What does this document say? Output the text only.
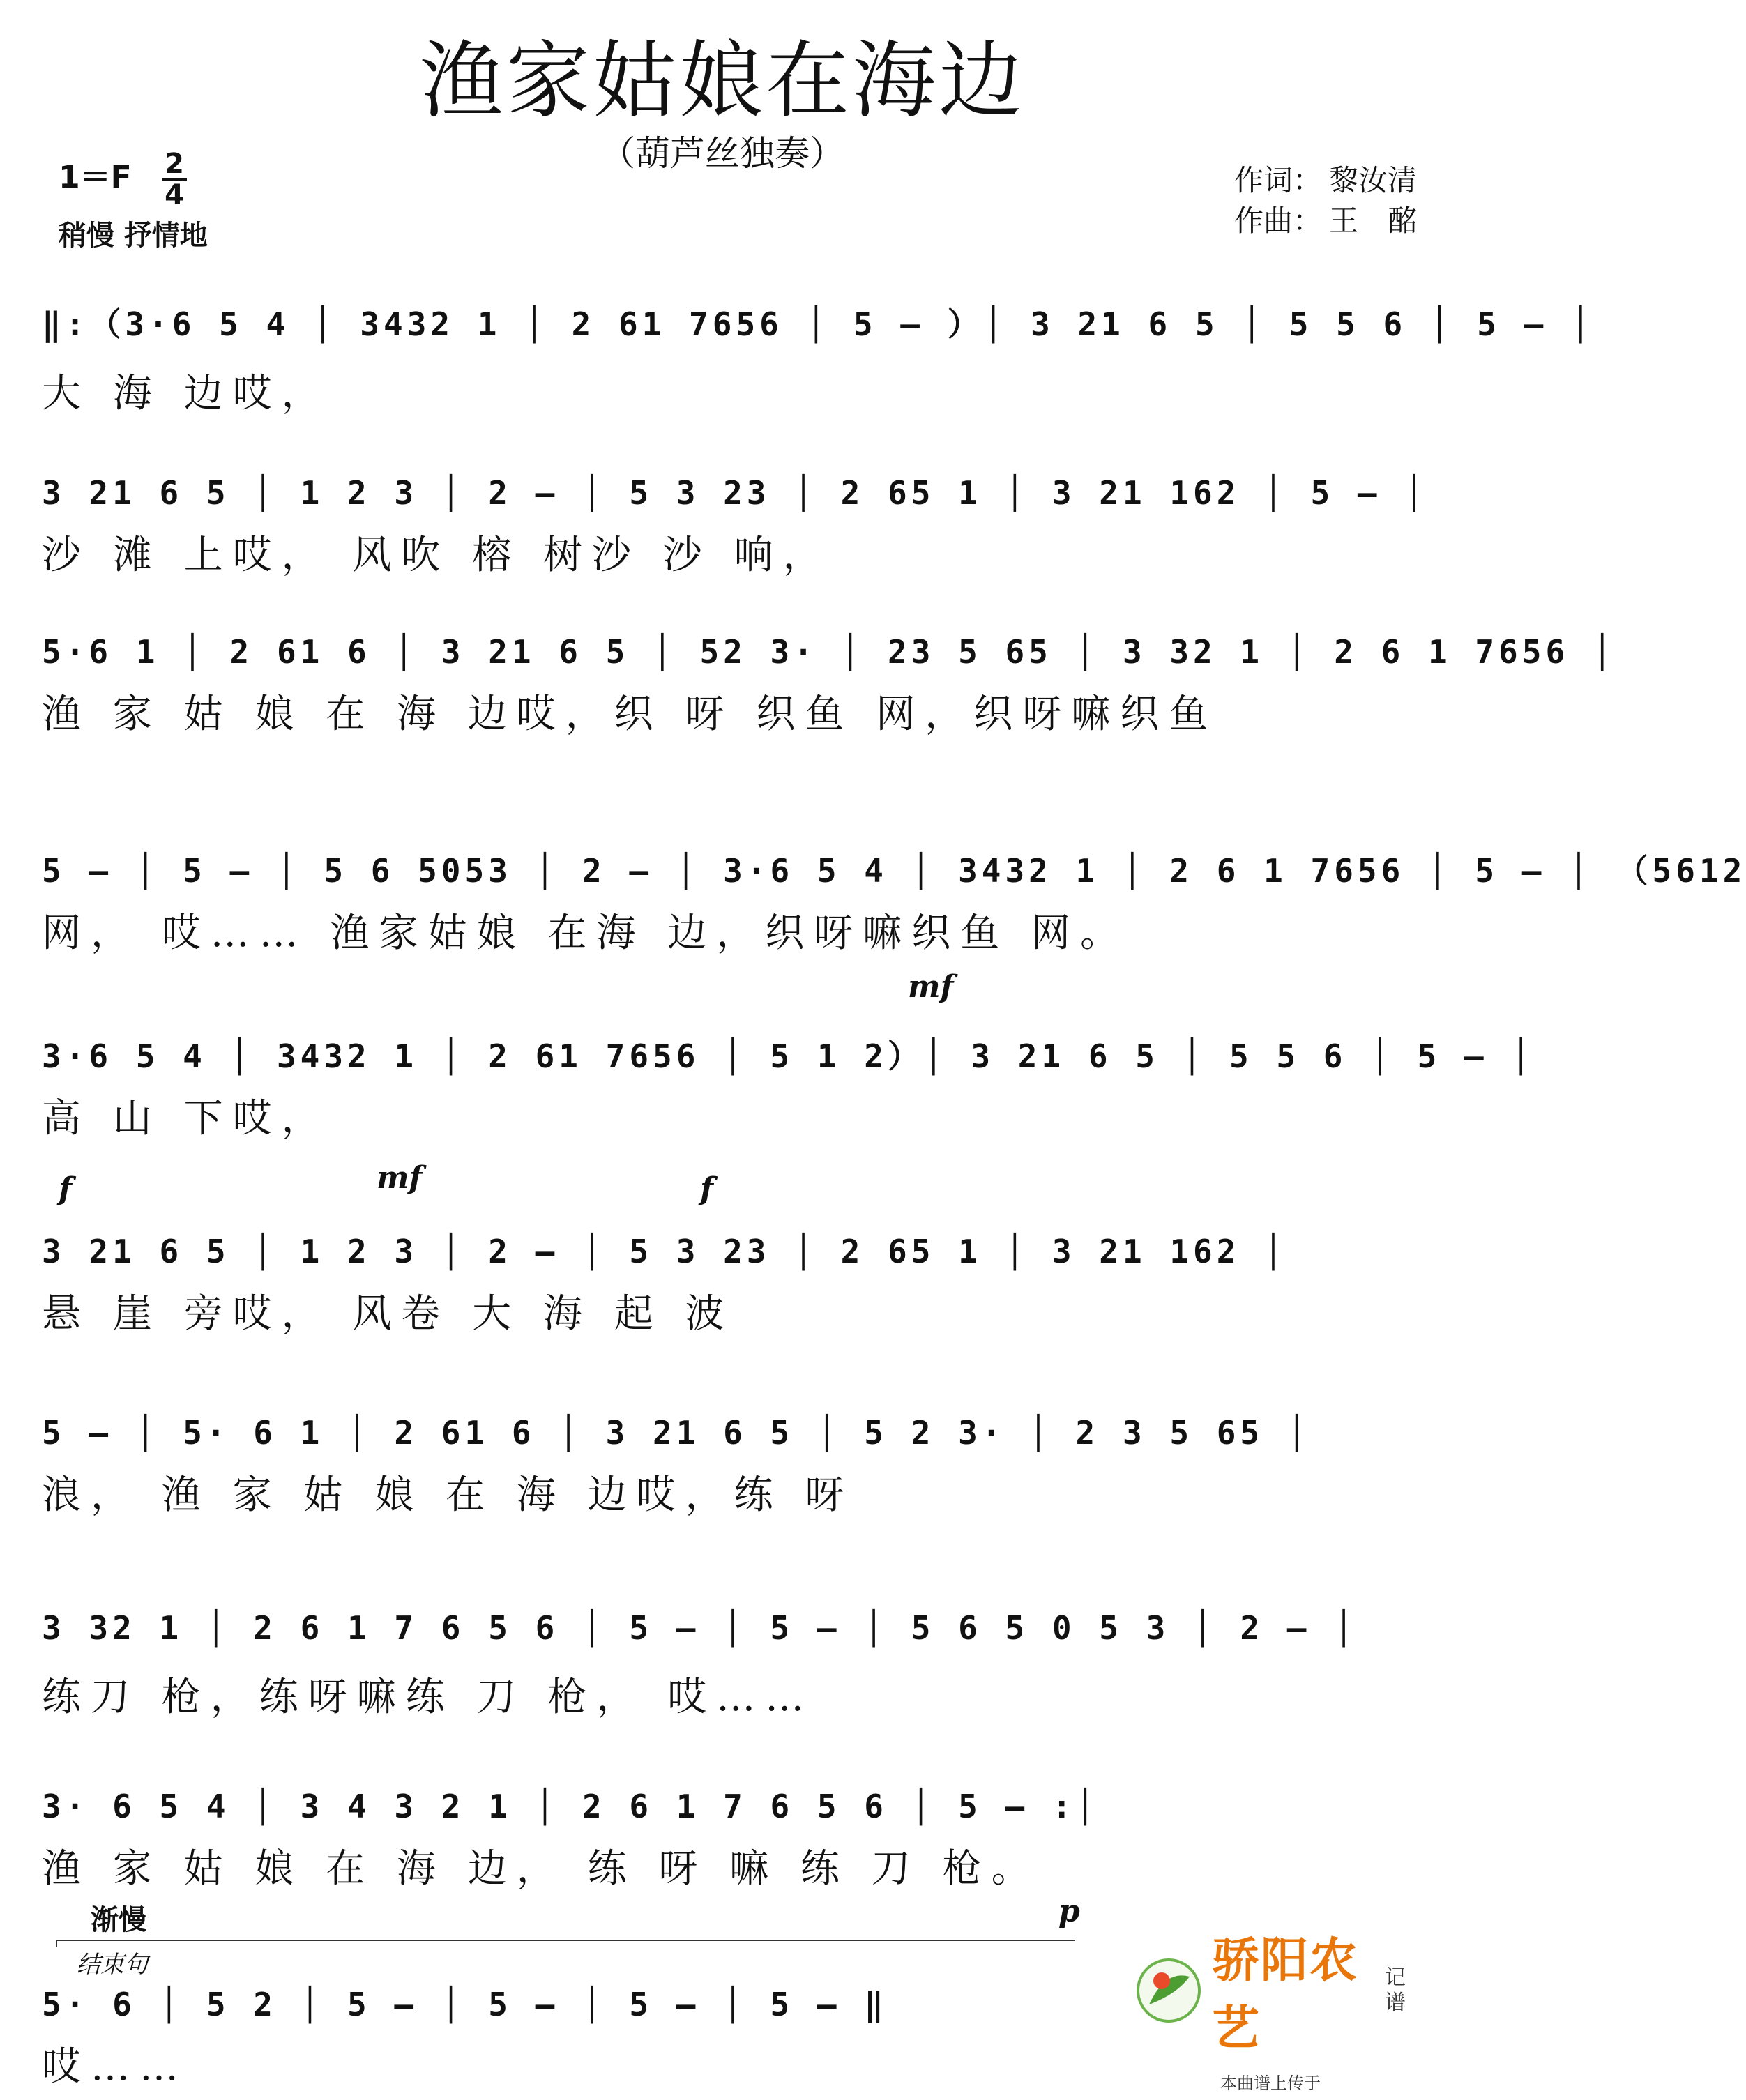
渔家姑娘在海边
（葫芦丝独奏）
1＝F 2
4
稍慢 抒情地
作词： 黎汝清
作曲： 王　酩
‖:（3·6 5 4 │ 3432 1 │ 2 61 7656 │ 5 – ）│ 3 21 6 5 │ 5 5 6 │ 5 – │
大 海 边哎，
3 21 6 5 │ 1 2 3 │ 2 – │ 5 3 23 │ 2 65 1 │ 3 21 162 │ 5 – │
沙 滩 上哎， 风吹 榕 树沙 沙 响，
5·6 1 │ 2 61 6 │ 3 21 6 5 │ 52 3· │ 23 5 65 │ 3 32 1 │ 2 6 1 7656 │
渔 家 姑 娘 在 海 边哎，织 呀 织鱼 网，织呀嘛织鱼
5 – │ 5 – │ 5 6 5053 │ 2 – │ 3·6 5 4 │ 3432 1 │ 2 6 1 7656 │ 5 – │ （5612
网， 哎…… 渔家姑娘 在海 边，织呀嘛织鱼 网。
mf
3·6 5 4 │ 3432 1 │ 2 61 7656 │ 5 1 2）│ 3 21 6 5 │ 5 5 6 │ 5 – │
高 山 下哎，
f	mf	f
3 21 6 5 │ 1 2 3 │ 2 – │ 5 3 23 │ 2 65 1 │ 3 21 162 │
悬 崖 旁哎， 风卷 大 海 起 波
5 – │ 5· 6 1 │ 2 61 6 │ 3 21 6 5 │ 5 2 3· │ 2 3 5 65 │
浪， 渔 家 姑 娘 在 海 边哎，练 呀
3 32 1 │ 2 6 1 7 6 5 6 │ 5 – │ 5 – │ 5 6 5 0 5 3 │ 2 – │
练刀 枪，练呀嘛练 刀 枪， 哎……
3· 6 5 4 │ 3 4 3 2 1 │ 2 6 1 7 6 5 6 │ 5 – :│
渔 家 姑 娘 在 海 边， 练 呀 嘛 练 刀 枪。
渐慢	p
结束句
5· 6 │ 5 2 │ 5 – │ 5 – │ 5 – │ 5 – ‖
哎……
骄阳农艺
记
谱
本曲谱上传于
